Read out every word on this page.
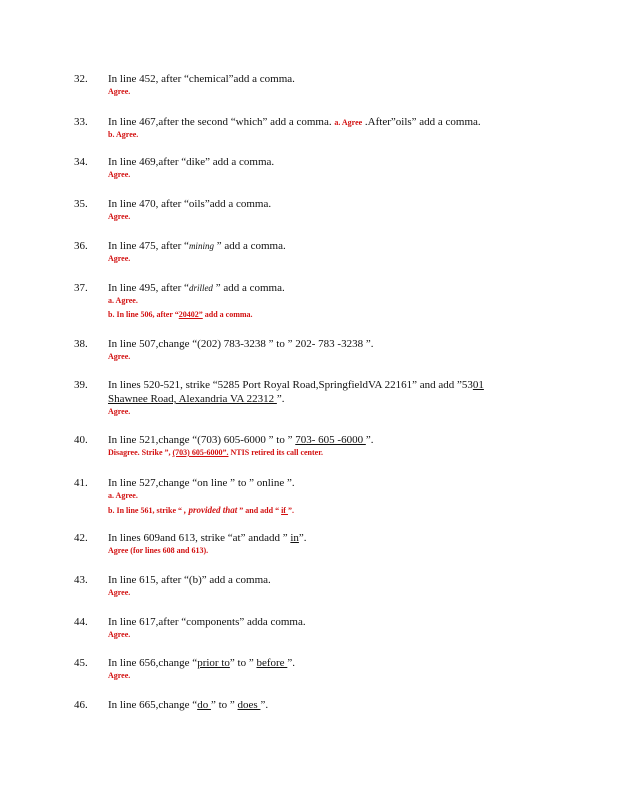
32. In line 452, after “chemical”add a comma.
Agree.
33. In line 467,after the second “which” add a comma. a. Agree .After”oils” add a comma.
b. Agree.
34. In line 469,after “dike” add a comma.
Agree.
35. In line 470, after “oils”add a comma.
Agree.
36. In line 475, after “mining ” add a comma.
Agree.
37. In line 495, after “drilled ” add a comma.
a. Agree.
b. In line 506, after “20402” add a comma.
38. In line 507,change “(202) 783-3238 ” to ” 202- 783 -3238 ”.
Agree.
39. In lines 520-521, strike “5285 Port Royal Road,SpringfieldVA 22161” and add ”5301
Shawnee Road, Alexandria VA 22312 ”.
Agree.
40. In line 521,change “(703) 605-6000 ” to ” 703- 605 -6000 ”.
Disagree. Strike ”, (703) 605-6000”. NTIS retired its call center.
41. In line 527,change “on line ” to ” online ”.
a. Agree.
b. In line 561, strike “ , provided that ” and add “ if ”.
42. In lines 609and 613, strike “at” andadd ” in”.
Agree (for lines 608 and 613).
43. In line 615, after “(b)” add a comma.
Agree.
44. In line 617,after “components” adda comma.
Agree.
45. In line 656,change “prior to” to ” before ”.
Agree.
46. In line 665,change “do ” to ” does ”.
